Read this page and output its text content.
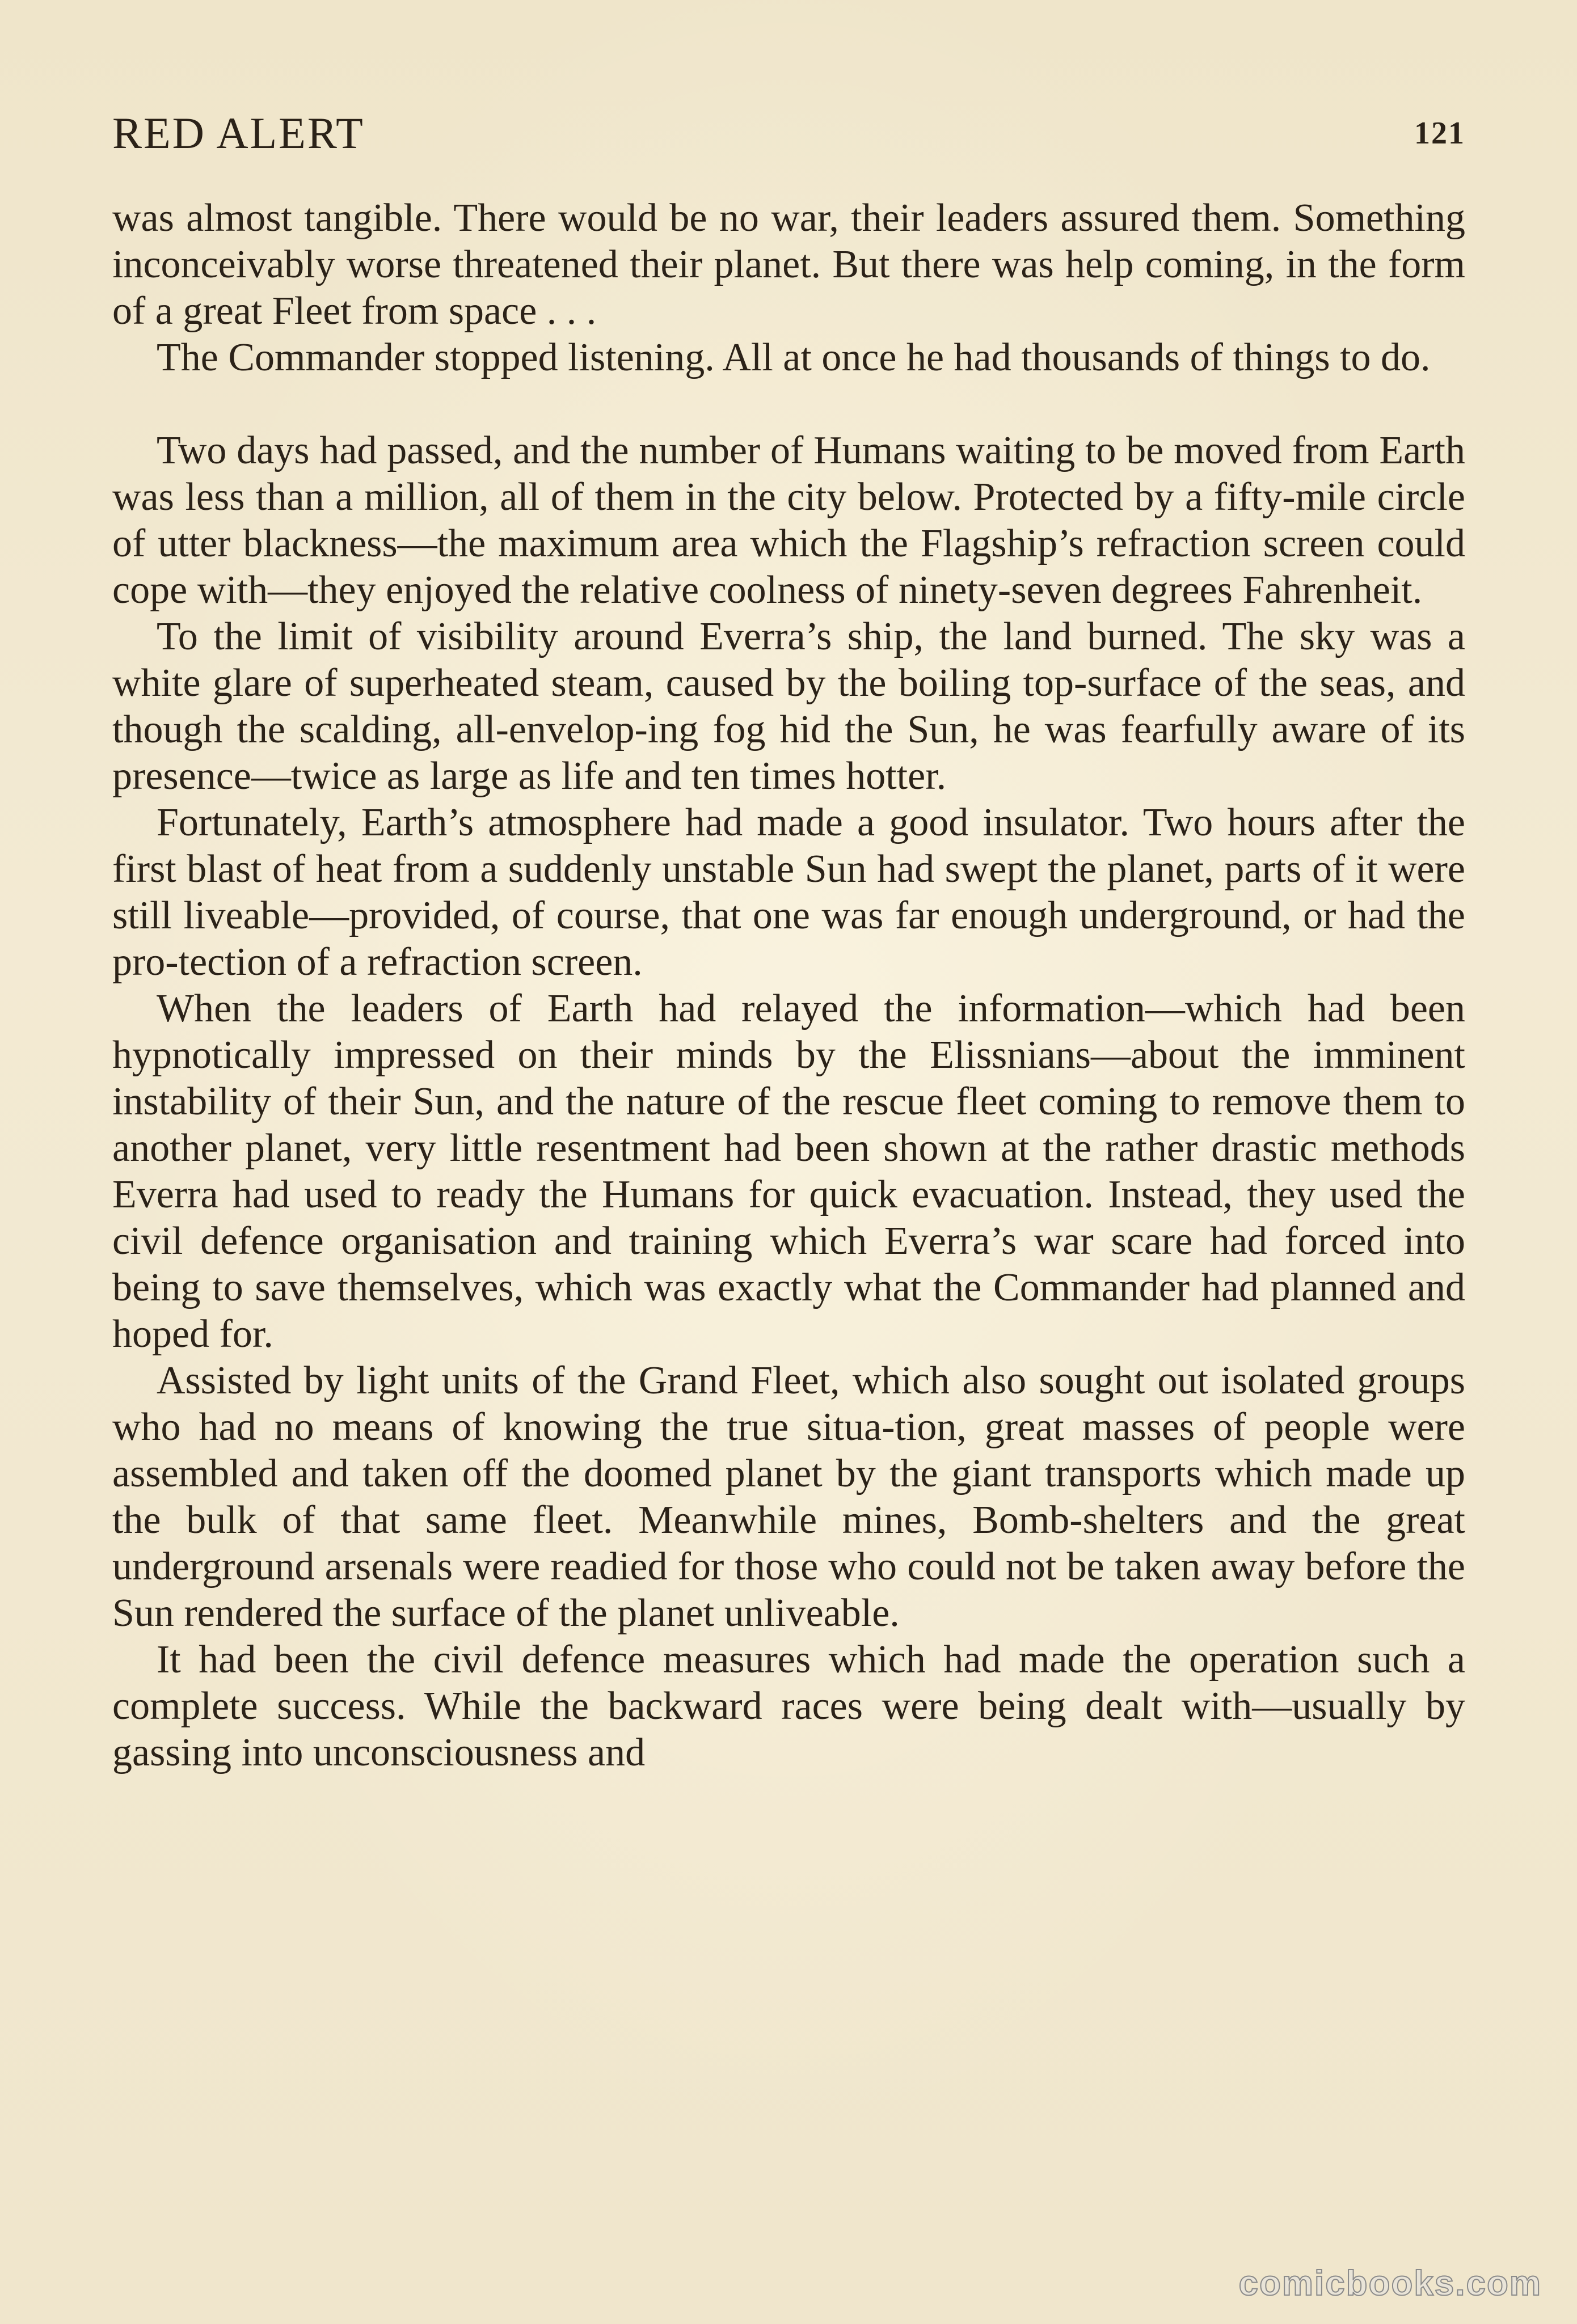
RED ALERT	121

was almost tangible. There would be no war, their leaders assured them. Something inconceivably worse threatened their planet. But there was help coming, in the form of a great Fleet from space . . .

The Commander stopped listening. All at once he had thousands of things to do.

Two days had passed, and the number of Humans waiting to be moved from Earth was less than a million, all of them in the city below. Protected by a fifty-mile circle of utter blackness—the maximum area which the Flagship’s refraction screen could cope with—they enjoyed the relative coolness of ninety-seven degrees Fahrenheit.

To the limit of visibility around Everra’s ship, the land burned. The sky was a white glare of superheated steam, caused by the boiling top-surface of the seas, and though the scalding, all-envelop-ing fog hid the Sun, he was fearfully aware of its presence—twice as large as life and ten times hotter.

Fortunately, Earth’s atmosphere had made a good insulator. Two hours after the first blast of heat from a suddenly unstable Sun had swept the planet, parts of it were still liveable—provided, of course, that one was far enough underground, or had the pro-tection of a refraction screen.

When the leaders of Earth had relayed the information—which had been hypnotically impressed on their minds by the Elissnians—about the imminent instability of their Sun, and the nature of the rescue fleet coming to remove them to another planet, very little resentment had been shown at the rather drastic methods Everra had used to ready the Humans for quick evacuation. Instead, they used the civil defence organisation and training which Everra’s war scare had forced into being to save themselves, which was exactly what the Commander had planned and hoped for.

Assisted by light units of the Grand Fleet, which also sought out isolated groups who had no means of knowing the true situa-tion, great masses of people were assembled and taken off the doomed planet by the giant transports which made up the bulk of that same fleet. Meanwhile mines, Bomb-shelters and the great underground arsenals were readied for those who could not be taken away before the Sun rendered the surface of the planet unliveable.

It had been the civil defence measures which had made the operation such a complete success. While the backward races were being dealt with—usually by gassing into unconsciousness and

comicbooks.com
